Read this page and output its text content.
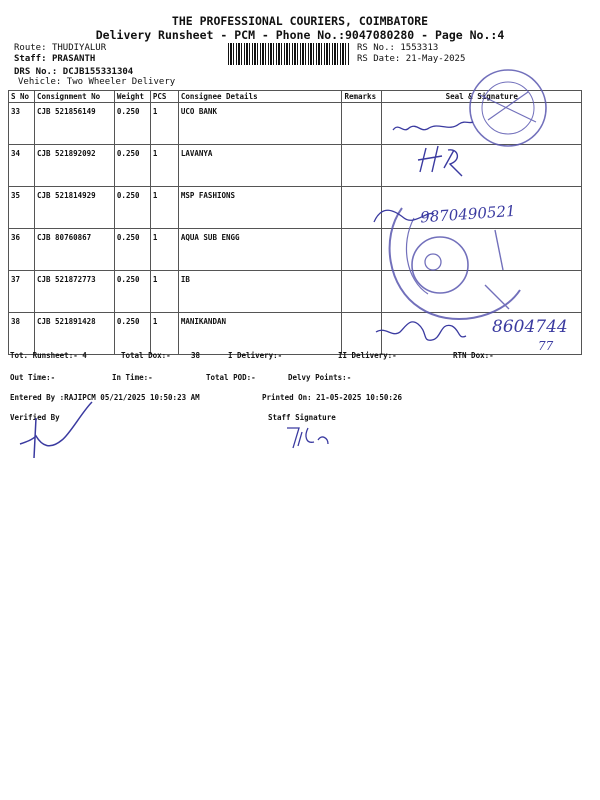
THE PROFESSIONAL COURIERS, COIMBATORE
Delivery Runsheet - PCM - Phone No.:9047080280 - Page No.:4
Route: THUDIYALUR
Staff: PRASANTH
DRS No.: DCJB155331304
Vehicle: Two Wheeler Delivery
RS No.: 1553313
RS Date: 21-May-2025
S No	Consignment No	Weight	PCS	Consignee Details	Remarks	Seal & Signature
33	CJB 521856149	0.250	1	UCO BANK		
34	CJB 521892092	0.250	1	LAVANYA		
35	CJB 521814929	0.250	1	MSP FASHIONS		
36	CJB 80760867	0.250	1	AQUA SUB ENGG		
37	CJB 521872773	0.250	1	IB		
38	CJB 521891428	0.250	1	MANIKANDAN		
Tot. Runsheet:- 4	Total Dox:-	38	I Delivery:-	II Delivery:-	RTN Dox:-
Out Time:-	In Time:-	Total POD:-	Delvy Points:-
Entered By :RAJIPCM 05/21/2025 10:50:23 AM	Printed On: 21-05-2025 10:50:26
Verified By	Staff Signature
9870490521
8604744
77
